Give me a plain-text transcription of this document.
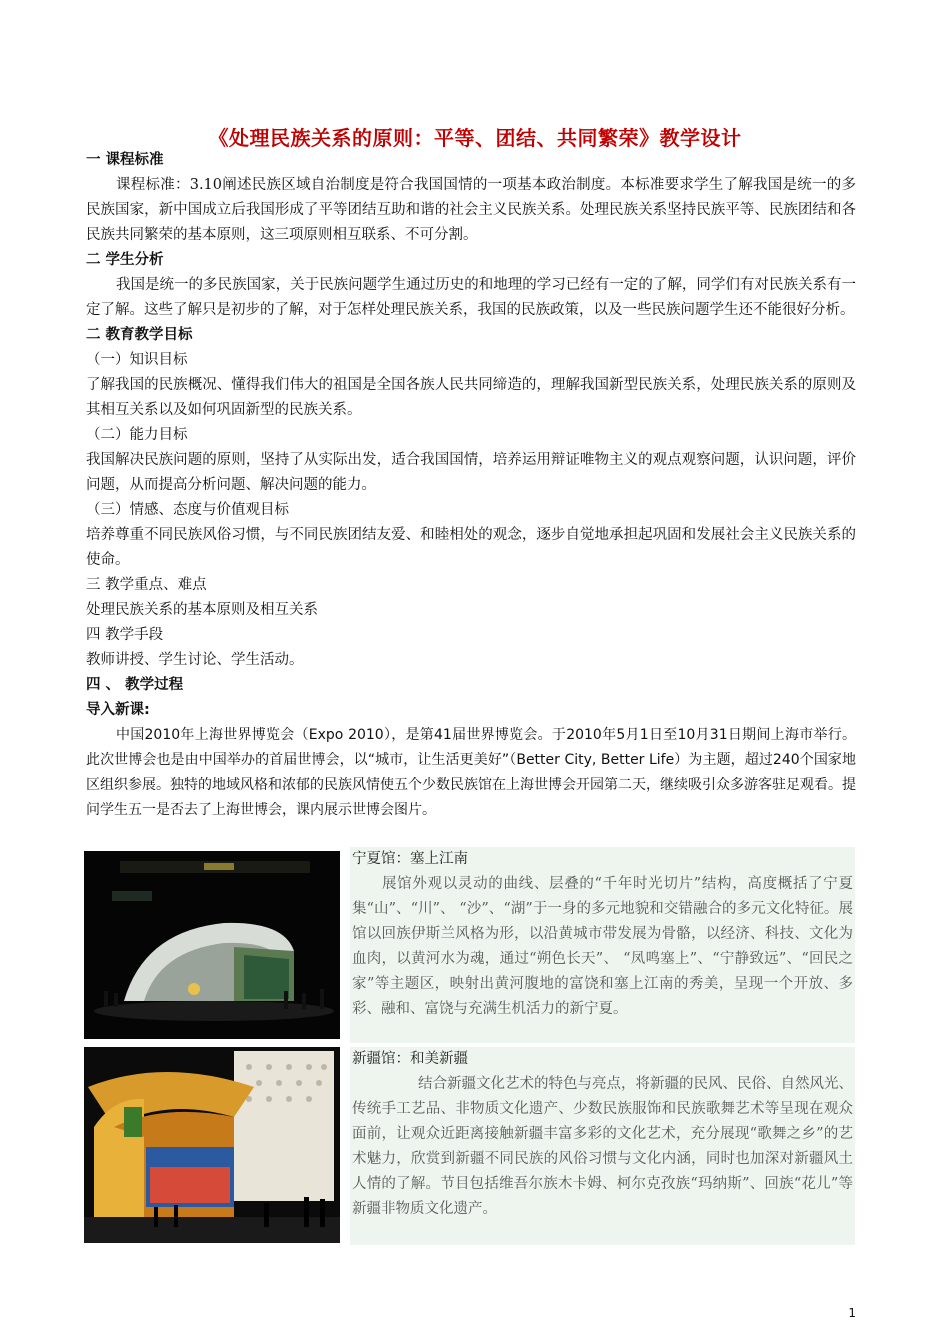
《处理民族关系的原则：平等、团结、共同繁荣》教学设计
一 课程标准
课程标准：3.10阐述民族区域自治制度是符合我国国情的一项基本政治制度。本标准要求学生了解我国是统一的多民族国家，新中国成立后我国形成了平等团结互助和谐的社会主义民族关系。处理民族关系坚持民族平等、民族团结和各民族共同繁荣的基本原则，这三项原则相互联系、不可分割。
二 学生分析
我国是统一的多民族国家，关于民族问题学生通过历史的和地理的学习已经有一定的了解，同学们有对民族关系有一定了解。这些了解只是初步的了解，对于怎样处理民族关系，我国的民族政策，以及一些民族问题学生还不能很好分析。
二 教育教学目标
（一）知识目标
了解我国的民族概况、懂得我们伟大的祖国是全国各族人民共同缔造的，理解我国新型民族关系，处理民族关系的原则及其相互关系以及如何巩固新型的民族关系。
（二）能力目标
我国解决民族问题的原则，坚持了从实际出发，适合我国国情，培养运用辩证唯物主义的观点观察问题，认识问题，评价问题，从而提高分析问题、解决问题的能力。
（三）情感、态度与价值观目标
培养尊重不同民族风俗习惯，与不同民族团结友爱、和睦相处的观念，逐步自觉地承担起巩固和发展社会主义民族关系的使命。
三 教学重点、难点
处理民族关系的基本原则及相互关系
四 教学手段
教师讲授、学生讨论、学生活动。
四 、 教学过程
导入新课:
中国2010年上海世界博览会（Expo 2010），是第41届世界博览会。于2010年5月1日至10月31日期间上海市举行。此次世博会也是由中国举办的首届世博会，以“城市，让生活更美好”（Better City, Better Life）为主题，超过240个国家地区组织参展。独特的地域风格和浓郁的民族风情使五个少数民族馆在上海世博会开园第二天，继续吸引众多游客驻足观看。提问学生五一是否去了上海世博会，课内展示世博会图片。
宁夏馆：塞上江南
展馆外观以灵动的曲线、层叠的“千年时光切片”结构，高度概括了宁夏集“山”、“川”、 “沙”、“湖”于一身的多元地貌和交错融合的多元文化特征。展馆以回族伊斯兰风格为形，以沿黄城市带发展为骨骼，以经济、科技、文化为血肉，以黄河水为魂，通过“朔色长天”、 “凤鸣塞上”、“宁静致远”、“回民之家”等主题区，映射出黄河腹地的富饶和塞上江南的秀美，呈现一个开放、多彩、融和、富饶与充满生机活力的新宁夏。
新疆馆：和美新疆
结合新疆文化艺术的特色与亮点，将新疆的民风、民俗、自然风光、传统手工艺品、非物质文化遗产、少数民族服饰和民族歌舞艺术等呈现在观众面前，让观众近距离接触新疆丰富多彩的文化艺术，充分展现“歌舞之乡”的艺术魅力，欣赏到新疆不同民族的风俗习惯与文化内涵，同时也加深对新疆风土人情的了解。节目包括维吾尔族木卡姆、柯尔克孜族“玛纳斯”、回族“花儿”等新疆非物质文化遗产。
1
